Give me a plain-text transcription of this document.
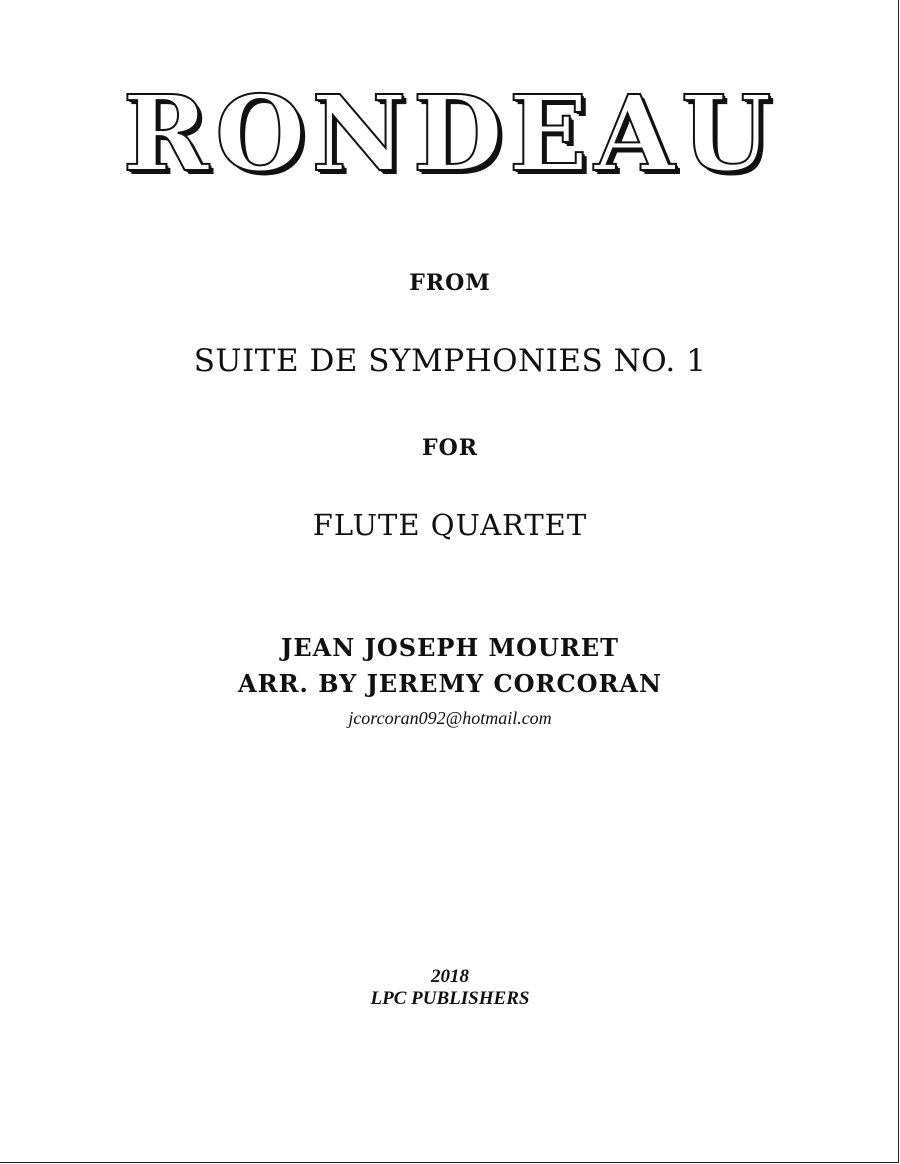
RONDEAU
FROM
SUITE DE SYMPHONIES NO. 1
FOR
FLUTE QUARTET
JEAN JOSEPH MOURET
ARR. BY JEREMY CORCORAN
jcorcoran092@hotmail.com
2018
LPC PUBLISHERS
